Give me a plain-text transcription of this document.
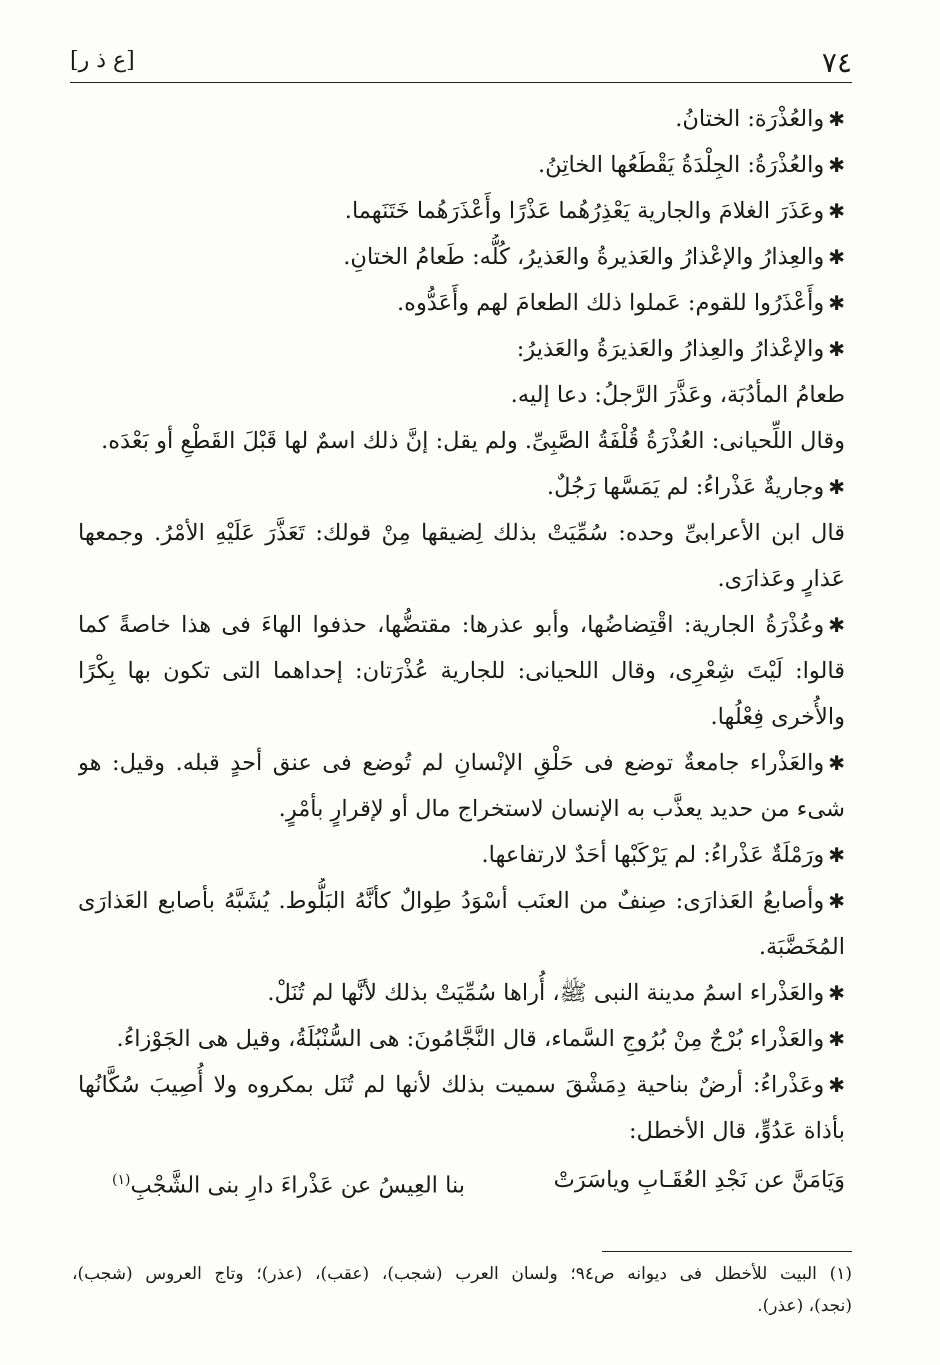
٧٤
[ع ذ ر]
✱والعُذْرَة: الختانُ.
✱والعُذْرَةُ: الجِلْدَةُ يَقْطَعُها الخاتِنُ.
✱وعَذَرَ الغلامَ والجارية يَعْذِرُهُما عَذْرًا وأَعْذَرَهُما خَتَنَهما.
✱والعِذارُ والإعْذارُ والعَذيرةُ والعَذيرُ، كُلُّه: طَعامُ الختانِ.
✱وأَعْذَرُوا للقوم: عَملوا ذلك الطعامَ لهم وأَعَدُّوه.
✱والإعْذارُ والعِذارُ والعَذيرَةُ والعَذيرُ:
طعامُ المأدُبَة، وعَذَّرَ الرَّجلُ: دعا إليه.
وقال اللِّحيانى: العُذْرَةُ قُلْفَةُ الصَّبِىِّ. ولم يقل: إنَّ ذلك اسمٌ لها قَبْلَ القَطْعِ أو بَعْدَه.
✱وجاريةٌ عَذْراءُ: لم يَمَسَّها رَجُلٌ.
قال ابن الأعرابىِّ وحده: سُمِّيَتْ بذلك لِضيقها مِنْ قولك: تَعَذَّرَ عَلَيْهِ الأمْرُ. وجمعها
عَذارٍ وعَذارَى.
✱وعُذْرَةُ الجارية: اقْتِضاضُها، وأبو عذرها: مقتضُّها، حذفوا الهاءَ فى هذا خاصةً كما
قالوا: لَيْتَ شِعْرِى، وقال اللحيانى: للجارية عُذْرَتان: إحداهما التى تكون بها بِكْرًا
والأُخرى فِعْلُها.
✱والعَذْراء جامعةٌ توضع فى حَلْقِ الإنْسانِ لم تُوضع فى عنق أحدٍ قبله. وقيل: هو
شىء من حديد يعذَّب به الإنسان لاستخراج مال أو لإقرارٍ بأمْرٍ.
✱ورَمْلَةٌ عَذْراءُ: لم يَرْكَبْها أحَدٌ لارتفاعها.
✱وأصابعُ العَذارَى: صِنفٌ من العنَب أسْوَدُ طِوالٌ كأنَّهُ البَلُّوط. يُشَبَّهُ بأصابع العَذارَى
المُخَضَّبَة.
✱والعَذْراء اسمُ مدينة النبى ﷺ، أُراها سُمِّيَتْ بذلك لأنَّها لم تُنَلْ.
✱والعَذْراء بُرْجٌ مِنْ بُرُوجِ السَّماء، قال النَّجَّامُونَ: هى السُّنْبُلَةُ، وقيل هى الجَوْزاءُ.
✱وعَذْراءُ: أرضٌ بناحية دِمَشْقَ سميت بذلك لأنها لم تُنَل بمكروه ولا أُصِيبَ سُكَّانُها
بأذاة عَدُوٍّ، قال الأخطل:
وَيَامَنَّ عن نَجْدِ العُقَـابِ وياسَرَتْ
بنا العِيسُ عن عَذْراءَ دارِ بنى الشَّجْبِ$^{(١)}$
(١) البيت للأخطل فى ديوانه ص٩٤؛ ولسان العرب (شجب)، (عقب)، (عذر)؛ وتاج العروس (شجب)،
(نجد)، (عذر).
